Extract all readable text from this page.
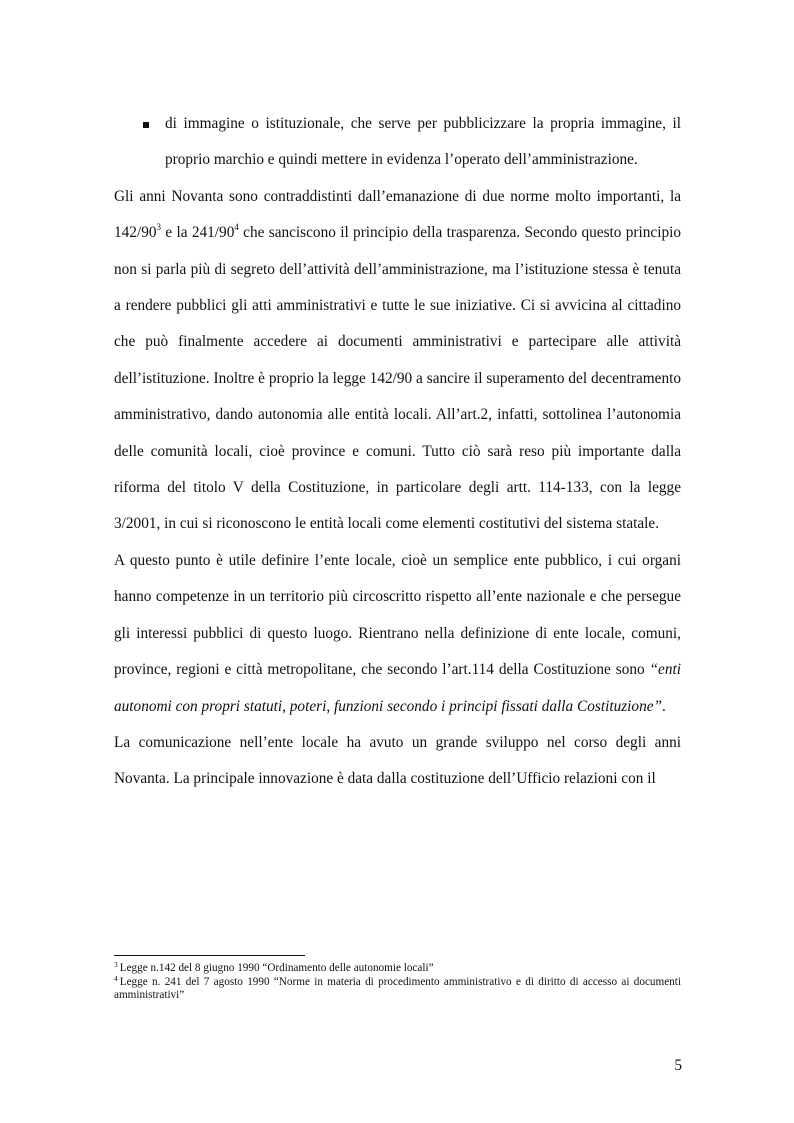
di immagine o istituzionale, che serve per pubblicizzare la propria immagine, il proprio marchio e quindi mettere in evidenza l’operato dell’amministrazione.

Gli anni Novanta sono contraddistinti dall’emanazione di due norme molto importanti, la $142/90^3$ e la $241/90^4$ che sanciscono il principio della trasparenza. Secondo questo principio non si parla più di segreto dell’attività dell’amministrazione, ma l’istituzione stessa è tenuta a rendere pubblici gli atti amministrativi e tutte le sue iniziative. Ci si avvicina al cittadino che può finalmente accedere ai documenti amministrativi e partecipare alle attività dell’istituzione. Inoltre è proprio la legge 142/90 a sancire il superamento del decentramento amministrativo, dando autonomia alle entità locali. All’art.2, infatti, sottolinea l’autonomia delle comunità locali, cioè province e comuni. Tutto ciò sarà reso più importante dalla riforma del titolo V della Costituzione, in particolare degli artt. 114-133, con la legge 3/2001, in cui si riconoscono le entità locali come elementi costitutivi del sistema statale.

A questo punto è utile definire l’ente locale, cioè un semplice ente pubblico, i cui organi hanno competenze in un territorio più circoscritto rispetto all’ente nazionale e che persegue gli interessi pubblici di questo luogo. Rientrano nella definizione di ente locale, comuni, province, regioni e città metropolitane, che secondo l’art.114 della Costituzione sono “enti autonomi con propri statuti, poteri, funzioni secondo i principi fissati dalla Costituzione”.

La comunicazione nell’ente locale ha avuto un grande sviluppo nel corso degli anni Novanta. La principale innovazione è data dalla costituzione dell’Ufficio relazioni con il

$^3$ Legge n.142 del 8 giugno 1990 “Ordinamento delle autonomie locali”

$^4$ Legge n. 241 del 7 agosto 1990 “Norme in materia di procedimento amministrativo e di diritto di accesso ai documenti amministrativi”

5
